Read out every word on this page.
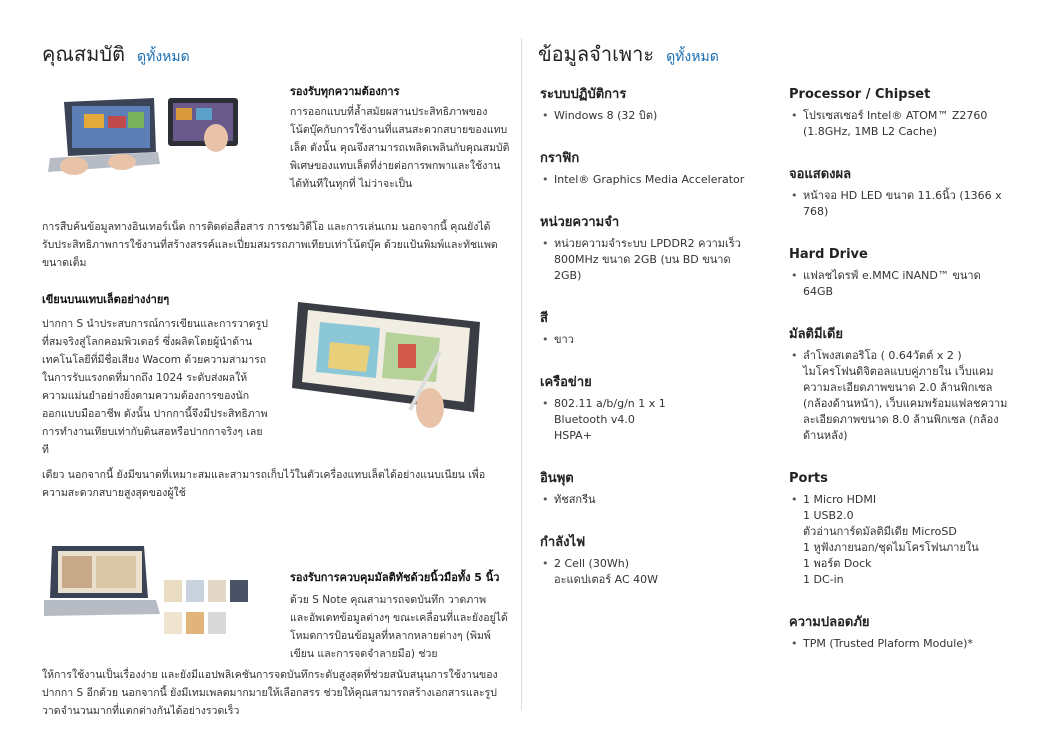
คุณสมบัติ ดูทั้งหมด
รองรับทุกความต้องการ
การออกแบบที่ล้ำสมัยผสานประสิทธิภาพของโน้ตบุ๊คกับการใช้งานที่แสนสะดวกสบายของแทบเล็ต ดังนั้น คุณจึงสามารถเพลิดเพลินกับคุณสมบัติพิเศษของแทบเล็ตที่ง่ายต่อการพกพาและใช้งานได้ทันทีในทุกที่ ไม่ว่าจะเป็น
การสืบค้นข้อมูลทางอินเทอร์เน็ต การติดต่อสื่อสาร การชมวิดีโอ และการเล่นเกม นอกจากนี้ คุณยังได้รับประสิทธิภาพการใช้งานที่สร้างสรรค์และเปี่ยมสมรรถภาพเทียบเท่าโน้ตบุ๊ค ด้วยแป้นพิมพ์และทัชแพดขนาดเต็ม
เขียนบนแทบเล็ตอย่างง่ายๆ
ปากกา S นำประสบการณ์การเขียนและการวาดรูปที่สมจริงสู่โลกคอมพิวเตอร์ ซึ่งผลิตโดยผู้นำด้านเทคโนโลยีที่มีชื่อเสียง Wacom ด้วยความสามารถในการรับแรงกดที่มากถึง 1024 ระดับส่งผลให้ความแม่นยำอย่างยิ่งตามความต้องการของนักออกแบบมืออาชีพ ดังนั้น ปากกานี้จึงมีประสิทธิภาพการทำงานเทียบเท่ากับดินสอหรือปากกาจริงๆ เลยที
เดียว นอกจากนี้ ยังมีขนาดที่เหมาะสมและสามารถเก็บไว้ในตัวเครื่องแทบเล็ตได้อย่างแนบเนียน เพื่อความสะดวกสบายสูงสุดของผู้ใช้
รองรับการควบคุมมัลติทัชด้วยนิ้วมือทั้ง 5 นิ้ว
ด้วย S Note คุณสามารถจดบันทึก วาดภาพ และอัพเดทข้อมูลต่างๆ ขณะเคลื่อนที่และยังอยู่ได้ โหมดการป้อนข้อมูลที่หลากหลายต่างๆ (พิมพ์ เขียน และการจดจำลายมือ) ช่วย
ให้การใช้งานเป็นเรื่องง่าย และยังมีแอปพลิเคชันการจดบันทึกระดับสูงสุดที่ช่วยสนับสนุนการใช้งานของปากกา S อีกด้วย นอกจากนี้ ยังมีเทมเพลตมากมายให้เลือกสรร ช่วยให้คุณสามารถสร้างเอกสารและรูปวาดจำนวนมากที่แตกต่างกันได้อย่างรวดเร็ว
ข้อมูลจำเพาะ ดูทั้งหมด
ระบบปฏิบัติการ
• Windows 8 (32 บิต)
กราฟิก
• Intel® Graphics Media Accelerator
หน่วยความจำ
• หน่วยความจำระบบ LPDDR2 ความเร็ว 800MHz ขนาด 2GB (บน BD ขนาด 2GB)
สี
• ขาว
เครือข่าย
• 802.11 a/b/g/n 1 x 1
Bluetooth v4.0
HSPA+
อินพุต
• ทัชสกรีน
กำลังไฟ
• 2 Cell (30Wh)
อะแดปเตอร์ AC 40W
Processor / Chipset
• โปรเซสเซอร์ Intel® ATOM™ Z2760 (1.8GHz, 1MB L2 Cache)
จอแสดงผล
• หน้าจอ HD LED ขนาด 11.6นิ้ว (1366 x 768)
Hard Drive
• แฟลชไดรฟ์ e.MMC iNAND™ ขนาด 64GB
มัลติมีเดีย
• ลำโพงสเตอริโอ ( 0.64วัตต์ x 2 ) ไมโครโฟนดิจิตอลแบบคู่ภายใน เว็บแคมความละเอียดภาพขนาด 2.0 ล้านพิกเซล (กล้องด้านหน้า), เว็บแคมพร้อมแฟลชความละเอียดภาพขนาด 8.0 ล้านพิกเซล (กล้องด้านหลัง)
Ports
• 1 Micro HDMI
1 USB2.0
ตัวอ่านการ์ดมัลติมีเดีย MicroSD
1 หูฟังภายนอก/ชุดไมโครโฟนภายใน
1 พอร์ต Dock
1 DC-in
ความปลอดภัย
• TPM (Trusted Plaform Module)*
